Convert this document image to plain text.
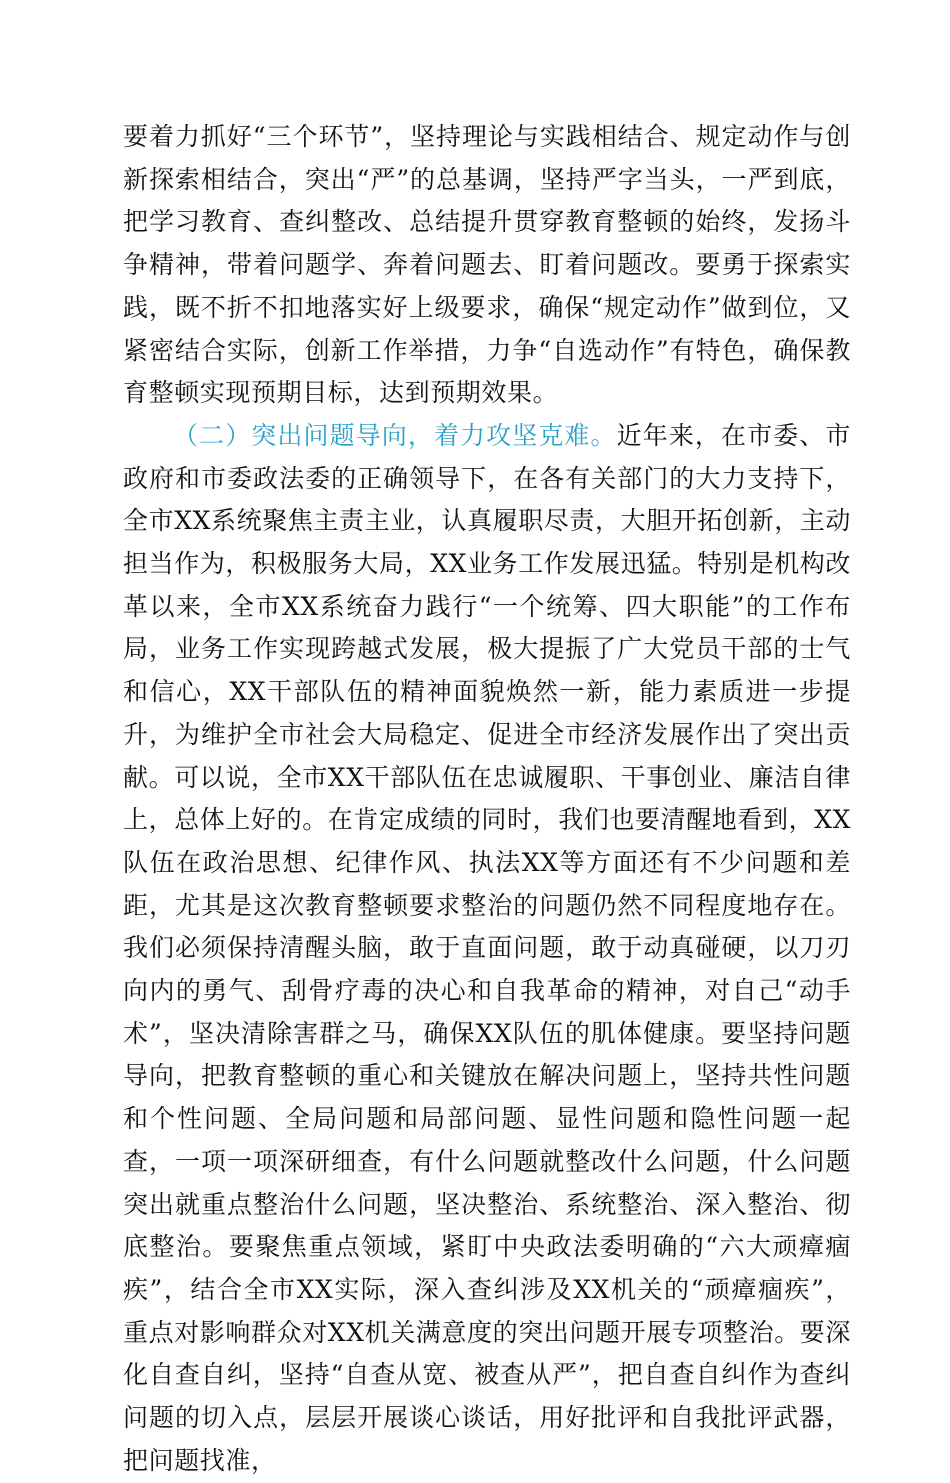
要着力抓好“三个环节”，坚持理论与实践相结合、规定动作与创新探索相结合，突出“严”的总基调，坚持严字当头，一严到底，把学习教育、查纠整改、总结提升贯穿教育整顿的始终，发扬斗争精神，带着问题学、奔着问题去、盯着问题改。要勇于探索实践，既不折不扣地落实好上级要求，确保“规定动作”做到位，又紧密结合实际，创新工作举措，力争“自选动作”有特色，确保教育整顿实现预期目标，达到预期效果。

（二）突出问题导向，着力攻坚克难。近年来，在市委、市政府和市委政法委的正确领导下，在各有关部门的大力支持下，全市XX系统聚焦主责主业，认真履职尽责，大胆开拓创新，主动担当作为，积极服务大局，XX业务工作发展迅猛。特别是机构改革以来，全市XX系统奋力践行“一个统筹、四大职能”的工作布局，业务工作实现跨越式发展，极大提振了广大党员干部的士气和信心，XX干部队伍的精神面貌焕然一新，能力素质进一步提升，为维护全市社会大局稳定、促进全市经济发展作出了突出贡献。可以说，全市XX干部队伍在忠诚履职、干事创业、廉洁自律上，总体上好的。在肯定成绩的同时，我们也要清醒地看到，XX队伍在政治思想、纪律作风、执法XX等方面还有不少问题和差距，尤其是这次教育整顿要求整治的问题仍然不同程度地存在。我们必须保持清醒头脑，敢于直面问题，敢于动真碰硬，以刀刃向内的勇气、刮骨疗毒的决心和自我革命的精神，对自己“动手术”，坚决清除害群之马，确保XX队伍的肌体健康。要坚持问题导向，把教育整顿的重心和关键放在解决问题上，坚持共性问题和个性问题、全局问题和局部问题、显性问题和隐性问题一起查，一项一项深研细查，有什么问题就整改什么问题，什么问题突出就重点整治什么问题，坚决整治、系统整治、深入整治、彻底整治。要聚焦重点领域，紧盯中央政法委明确的“六大顽瘴痼疾”，结合全市XX实际，深入查纠涉及XX机关的“顽瘴痼疾”，重点对影响群众对XX机关满意度的突出问题开展专项整治。要深化自查自纠，坚持“自查从宽、被查从严”，把自查自纠作为查纠问题的切入点，层层开展谈心谈话，用好批评和自我批评武器，把问题找准，
